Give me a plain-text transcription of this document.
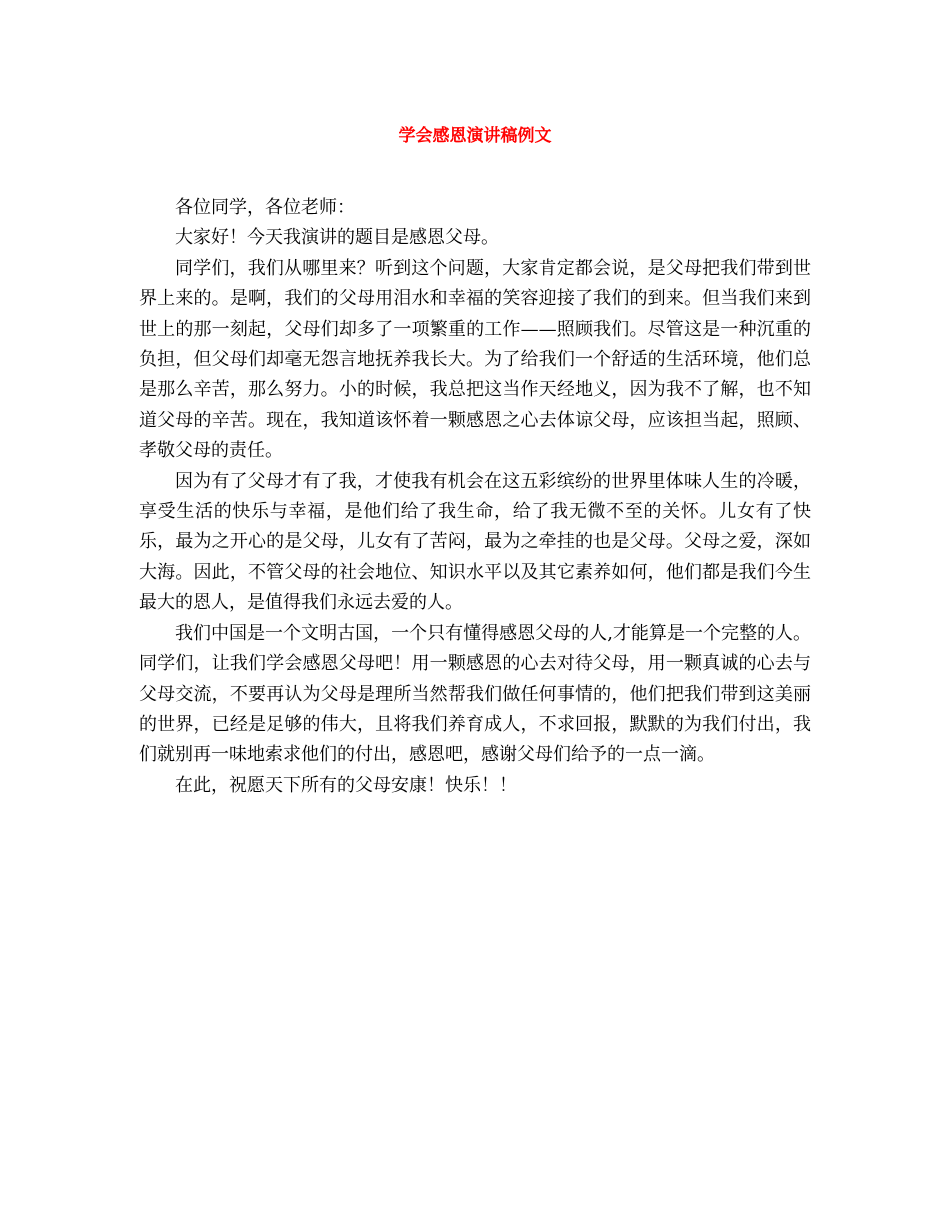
学会感恩演讲稿例文

各位同学，各位老师：

大家好！今天我演讲的题目是感恩父母。

同学们，我们从哪里来？听到这个问题，大家肯定都会说，是父母把我们带到世界上来的。是啊，我们的父母用泪水和幸福的笑容迎接了我们的到来。但当我们来到世上的那一刻起，父母们却多了一项繁重的工作——照顾我们。尽管这是一种沉重的负担，但父母们却毫无怨言地抚养我长大。为了给我们一个舒适的生活环境，他们总是那么辛苦，那么努力。小的时候，我总把这当作天经地义，因为我不了解，也不知道父母的辛苦。现在，我知道该怀着一颗感恩之心去体谅父母，应该担当起，照顾、孝敬父母的责任。

因为有了父母才有了我，才使我有机会在这五彩缤纷的世界里体味人生的冷暖，享受生活的快乐与幸福，是他们给了我生命，给了我无微不至的关怀。儿女有了快乐，最为之开心的是父母，儿女有了苦闷，最为之牵挂的也是父母。父母之爱，深如大海。因此，不管父母的社会地位、知识水平以及其它素养如何，他们都是我们今生最大的恩人，是值得我们永远去爱的人。

我们中国是一个文明古国，一个只有懂得感恩父母的人,才能算是一个完整的人。同学们，让我们学会感恩父母吧！用一颗感恩的心去对待父母，用一颗真诚的心去与父母交流，不要再认为父母是理所当然帮我们做任何事情的，他们把我们带到这美丽的世界，已经是足够的伟大，且将我们养育成人，不求回报，默默的为我们付出，我们就别再一味地索求他们的付出，感恩吧，感谢父母们给予的一点一滴。

在此，祝愿天下所有的父母安康！快乐！！
